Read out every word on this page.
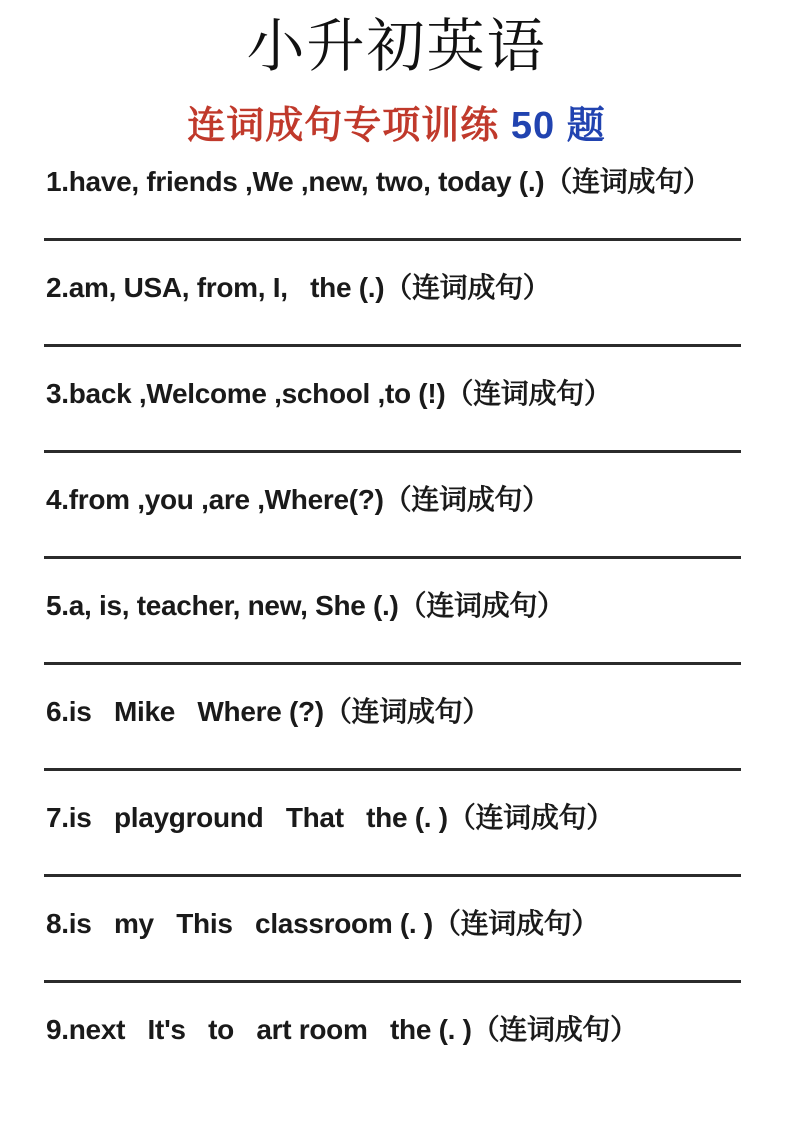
小升初英语
连词成句专项训练 50 题

1.have, friends ,We ,new, two, today (.)（连词成句）

2.am, USA, from, I,   the (.)（连词成句）

3.back ,Welcome ,school ,to (!)（连词成句）

4.from ,you ,are ,Where(?)（连词成句）

5.a, is, teacher, new, She (.)（连词成句）

6.is   Mike   Where (?)（连词成句）

7.is   playground   That   the (. )（连词成句）

8.is   my   This   classroom (. )（连词成句）

9.next   It's   to   art room   the (. )（连词成句）
